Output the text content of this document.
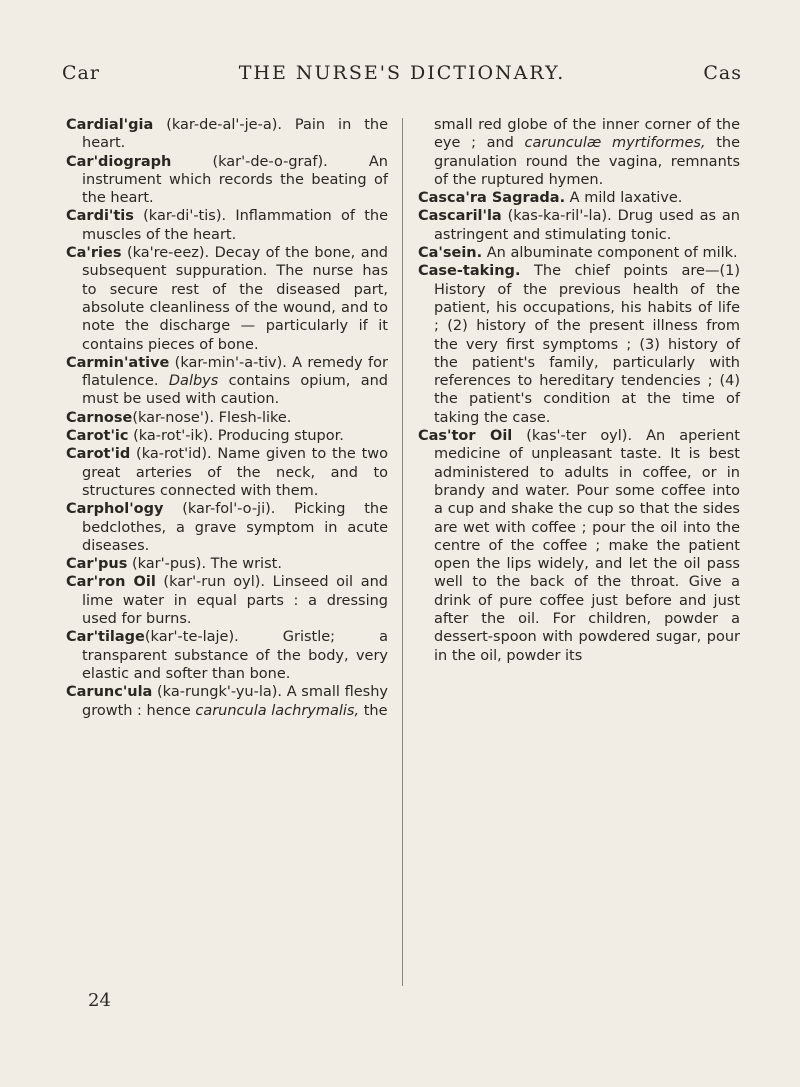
Car	THE NURSE'S DICTIONARY.	Cas

Cardial'gia (kar-de-al'-je-a). Pain in the heart.

Car'diograph (kar'-de-o-graf). An instrument which records the beating of the heart.

Cardi'tis (kar-di'-tis). Inflammation of the muscles of the heart.

Ca'ries (ka're-eez). Decay of the bone, and subsequent suppuration. The nurse has to secure rest of the diseased part, absolute cleanliness of the wound, and to note the discharge — particularly if it contains pieces of bone.

Carmin'ative (kar-min'-a-tiv). A remedy for flatulence. Dalbys contains opium, and must be used with caution.

Carnose(kar-nose'). Flesh-like.

Carot'ic (ka-rot'-ik). Producing stupor.

Carot'id (ka-rot'id). Name given to the two great arteries of the neck, and to structures connected with them.

Carphol'ogy (kar-fol'-o-ji). Picking the bedclothes, a grave symptom in acute diseases.

Car'pus (kar'-pus). The wrist.

Car'ron Oil (kar'-run oyl). Linseed oil and lime water in equal parts : a dressing used for burns.

Car'tilage(kar'-te-laje). Gristle; a transparent substance of the body, very elastic and softer than bone.

Carunc'ula (ka-rungk'-yu-la). A small fleshy growth : hence caruncula lachrymalis, the

small red globe of the inner corner of the eye ; and carunculæ myrtiformes, the granulation round the vagina, remnants of the ruptured hymen.

Casca'ra Sagrada. A mild laxative.

Cascaril'la (kas-ka-ril'-la). Drug used as an astringent and stimulating tonic.

Ca'sein. An albuminate component of milk.

Case-taking. The chief points are—(1) History of the previous health of the patient, his occupations, his habits of life ; (2) history of the present illness from the very first symptoms ; (3) history of the patient's family, particularly with references to hereditary tendencies ; (4) the patient's condition at the time of taking the case.

Cas'tor Oil (kas'-ter oyl). An aperient medicine of unpleasant taste. It is best administered to adults in coffee, or in brandy and water. Pour some coffee into a cup and shake the cup so that the sides are wet with coffee ; pour the oil into the centre of the coffee ; make the patient open the lips widely, and let the oil pass well to the back of the throat. Give a drink of pure coffee just before and just after the oil. For children, powder a dessert-spoon with powdered sugar, pour in the oil, powder its

24
